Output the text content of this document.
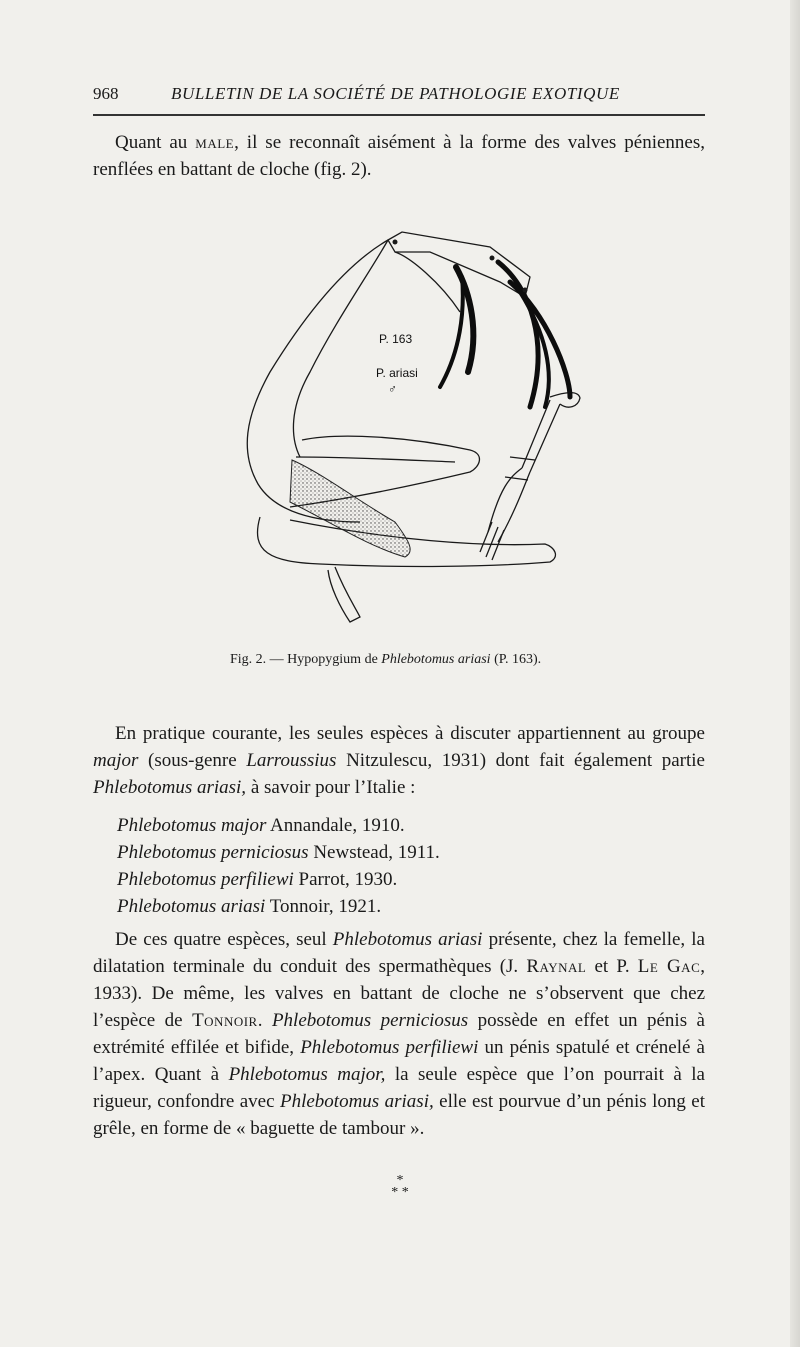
968	BULLETIN DE LA SOCIÉTÉ DE PATHOLOGIE EXOTIQUE

Quant au male, il se reconnaît aisément à la forme des valves péniennes, renflées en battant de cloche (fig. 2).

P. 163
P. ariasi
♂
Fig. 2. — Hypopygium de Phlebotomus ariasi (P. 163).

En pratique courante, les seules espèces à discuter appartiennent au groupe major (sous-genre Larroussius Nitzulescu, 1931) dont fait également partie Phlebotomus ariasi, à savoir pour l’Italie :

Phlebotomus major Annandale, 1910.
Phlebotomus perniciosus Newstead, 1911.
Phlebotomus perfiliewi Parrot, 1930.
Phlebotomus ariasi Tonnoir, 1921.

De ces quatre espèces, seul Phlebotomus ariasi présente, chez la femelle, la dilatation terminale du conduit des spermathèques (J. Raynal et P. Le Gac, 1933). De même, les valves en battant de cloche ne s’observent que chez l’espèce de Tonnoir. Phlebotomus perniciosus possède en effet un pénis à extrémité effilée et bifide, Phlebotomus perfiliewi un pénis spatulé et crénelé à l’apex. Quant à Phlebotomus major, la seule espèce que l’on pourrait à la rigueur, confondre avec Phlebotomus ariasi, elle est pourvue d’un pénis long et grêle, en forme de « baguette de tambour ».

*
* *
